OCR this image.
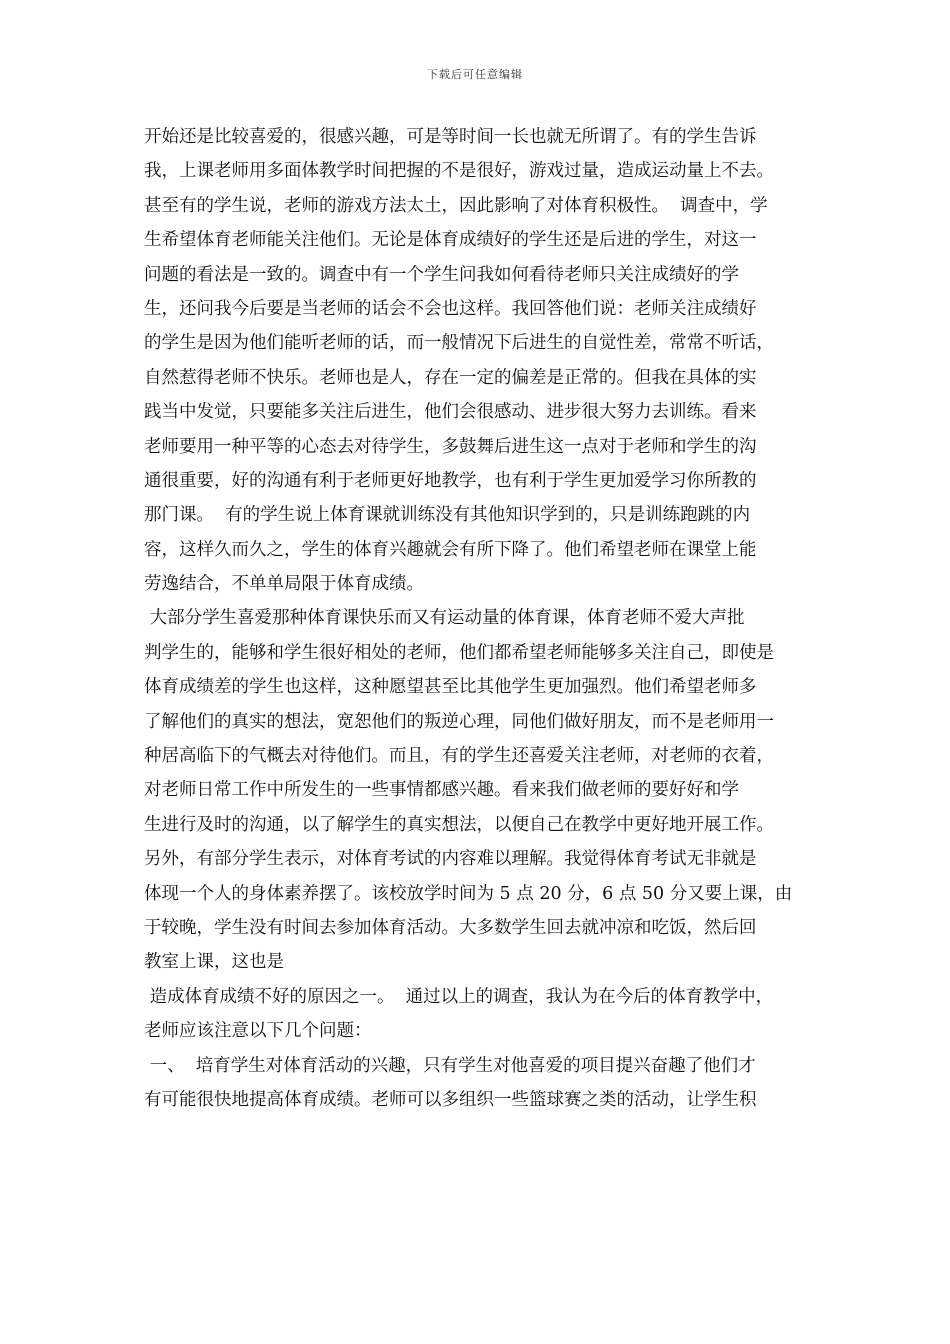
下载后可任意编辑
开始还是比较喜爱的，很感兴趣，可是等时间一长也就无所谓了。有的学生告诉
我，上课老师用多面体教学时间把握的不是很好，游戏过量，造成运动量上不去。
甚至有的学生说，老师的游戏方法太土，因此影响了对体育积极性。  调查中，学
生希望体育老师能关注他们。无论是体育成绩好的学生还是后进的学生，对这一
问题的看法是一致的。调查中有一个学生问我如何看待老师只关注成绩好的学
生，还问我今后要是当老师的话会不会也这样。我回答他们说：老师关注成绩好
的学生是因为他们能听老师的话，而一般情况下后进生的自觉性差，常常不听话，
自然惹得老师不快乐。老师也是人，存在一定的偏差是正常的。但我在具体的实
践当中发觉，只要能多关注后进生，他们会很感动、进步很大努力去训练。看来
老师要用一种平等的心态去对待学生，多鼓舞后进生这一点对于老师和学生的沟
通很重要，好的沟通有利于老师更好地教学，也有利于学生更加爱学习你所教的
那门课。  有的学生说上体育课就训练没有其他知识学到的，只是训练跑跳的内
容，这样久而久之，学生的体育兴趣就会有所下降了。他们希望老师在课堂上能
劳逸结合，不单单局限于体育成绩。
大部分学生喜爱那种体育课快乐而又有运动量的体育课，体育老师不爱大声批
判学生的，能够和学生很好相处的老师，他们都希望老师能够多关注自己，即使是
体育成绩差的学生也这样，这种愿望甚至比其他学生更加强烈。他们希望老师多
了解他们的真实的想法，宽恕他们的叛逆心理，同他们做好朋友，而不是老师用一
种居高临下的气概去对待他们。而且，有的学生还喜爱关注老师，对老师的衣着，
对老师日常工作中所发生的一些事情都感兴趣。看来我们做老师的要好好和学
生进行及时的沟通，以了解学生的真实想法，以便自己在教学中更好地开展工作。
另外，有部分学生表示，对体育考试的内容难以理解。我觉得体育考试无非就是
体现一个人的身体素养摆了。该校放学时间为 5 点 20 分，6 点 50 分又要上课，由
于较晚，学生没有时间去参加体育活动。大多数学生回去就冲凉和吃饭，然后回
教室上课，这也是
造成体育成绩不好的原因之一。  通过以上的调查，我认为在今后的体育教学中，
老师应该注意以下几个问题：
一、  培育学生对体育活动的兴趣，只有学生对他喜爱的项目提兴奋趣了他们才
有可能很快地提高体育成绩。老师可以多组织一些篮球赛之类的活动，让学生积
